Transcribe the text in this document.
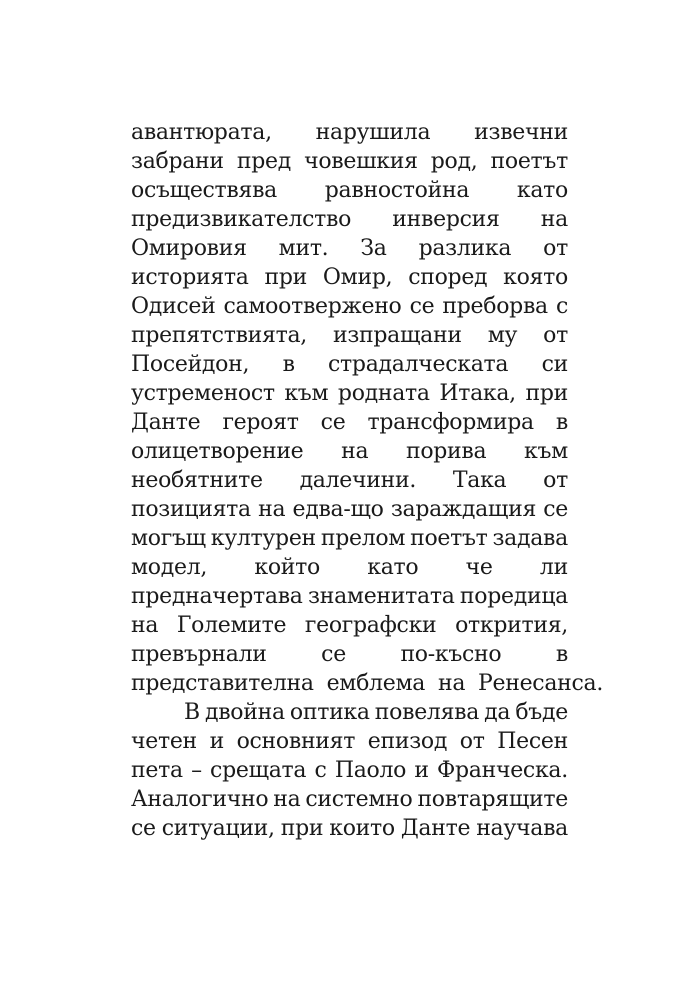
авантюрата, нарушила извечни
забрани пред човешкия род, поетът
осъществява равностойна като
предизвикателство инверсия на
Омировия мит. За разлика от
историята при Омир, според която
Одисей самоотвержено се преборва с
препятствията, изпращани му от
Посейдон, в страдалческата си
устременост към родната Итака, при
Данте героят се трансформира в
олицетворение на порива към
необятните далечини. Така от
позицията на едва-що зараждащия се
могъщ културен прелом поетът задава
модел, който като че ли
предначертава знаменитата поредица
на Големите географски открития,
превърнали се по-късно в
представителна емблема на Ренесанса.
В двойна оптика повелява да бъде
четен и основният епизод от Песен
пета – срещата с Паоло и Франческа.
Аналогично на системно повтарящите
се ситуации, при които Данте научава
